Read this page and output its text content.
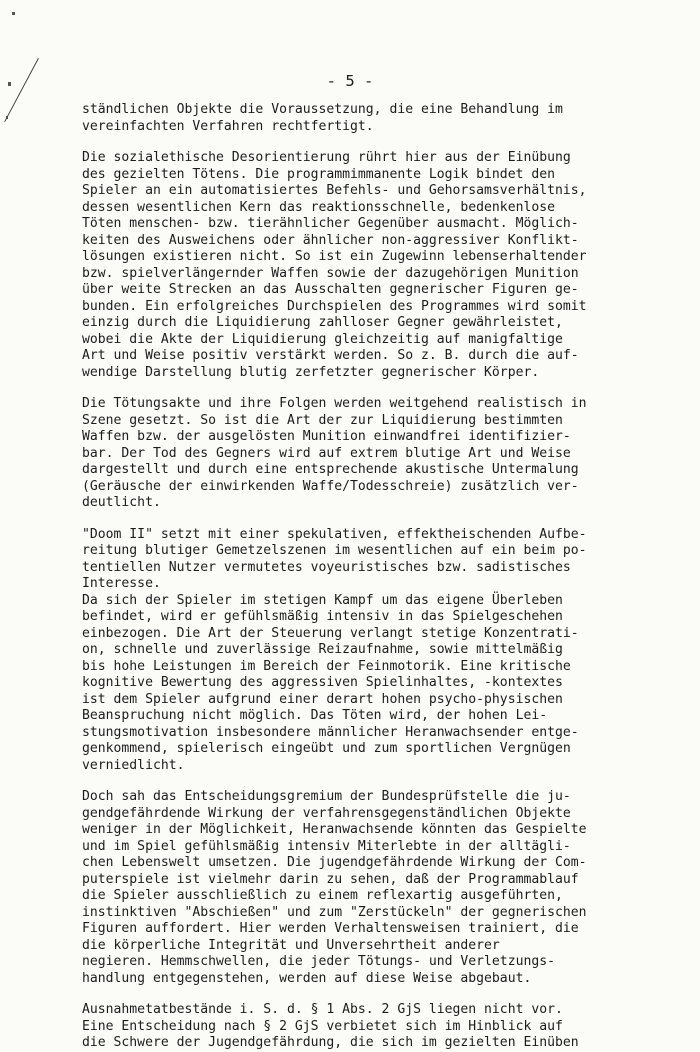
- 5 -

ständlichen Objekte die Voraussetzung, die eine Behandlung im
vereinfachten Verfahren rechtfertigt.

Die sozialethische Desorientierung rührt hier aus der Einübung
des gezielten Tötens. Die programmimmanente Logik bindet den
Spieler an ein automatisiertes Befehls- und Gehorsamsverhältnis,
dessen wesentlichen Kern das reaktionsschnelle, bedenkenlose
Töten menschen- bzw. tierähnlicher Gegenüber ausmacht. Möglich-
keiten des Ausweichens oder ähnlicher non-aggressiver Konflikt-
lösungen existieren nicht. So ist ein Zugewinn lebenserhaltender
bzw. spielverlängernder Waffen sowie der dazugehörigen Munition
über weite Strecken an das Ausschalten gegnerischer Figuren ge-
bunden. Ein erfolgreiches Durchspielen des Programmes wird somit
einzig durch die Liquidierung zahlloser Gegner gewährleistet,
wobei die Akte der Liquidierung gleichzeitig auf manigfaltige
Art und Weise positiv verstärkt werden. So z. B. durch die auf-
wendige Darstellung blutig zerfetzter gegnerischer Körper.

Die Tötungsakte und ihre Folgen werden weitgehend realistisch in
Szene gesetzt. So ist die Art der zur Liquidierung bestimmten
Waffen bzw. der ausgelösten Munition einwandfrei identifizier-
bar. Der Tod des Gegners wird auf extrem blutige Art und Weise
dargestellt und durch eine entsprechende akustische Untermalung
(Geräusche der einwirkenden Waffe/Todesschreie) zusätzlich ver-
deutlicht.

"Doom II" setzt mit einer spekulativen, effektheischenden Aufbe-
reitung blutiger Gemetzelszenen im wesentlichen auf ein beim po-
tentiellen Nutzer vermutetes voyeuristisches bzw. sadistisches
Interesse.
Da sich der Spieler im stetigen Kampf um das eigene Überleben
befindet, wird er gefühlsmäßig intensiv in das Spielgeschehen
einbezogen. Die Art der Steuerung verlangt stetige Konzentrati-
on, schnelle und zuverlässige Reizaufnahme, sowie mittelmäßig
bis hohe Leistungen im Bereich der Feinmotorik. Eine kritische
kognitive Bewertung des aggressiven Spielinhaltes, -kontextes
ist dem Spieler aufgrund einer derart hohen psycho-physischen
Beanspruchung nicht möglich. Das Töten wird, der hohen Lei-
stungsmotivation insbesondere männlicher Heranwachsender entge-
genkommend, spielerisch eingeübt und zum sportlichen Vergnügen
verniedlicht.

Doch sah das Entscheidungsgremium der Bundesprüfstelle die ju-
gendgefährdende Wirkung der verfahrensgegenständlichen Objekte
weniger in der Möglichkeit, Heranwachsende könnten das Gespielte
und im Spiel gefühlsmäßig intensiv Miterlebte in der alltägli-
chen Lebenswelt umsetzen. Die jugendgefährdende Wirkung der Com-
puterspiele ist vielmehr darin zu sehen, daß der Programmablauf
die Spieler ausschließlich zu einem reflexartig ausgeführten,
instinktiven "Abschießen" und zum "Zerstückeln" der gegnerischen
Figuren auffordert. Hier werden Verhaltensweisen trainiert, die
die körperliche Integrität und Unversehrtheit anderer
negieren. Hemmschwellen, die jeder Tötungs- und Verletzungs-
handlung entgegenstehen, werden auf diese Weise abgebaut.

Ausnahmetatbestände i. S. d. § 1 Abs. 2 GjS liegen nicht vor.
Eine Entscheidung nach § 2 GjS verbietet sich im Hinblick auf
die Schwere der Jugendgefährdung, die sich im gezielten Einüben
